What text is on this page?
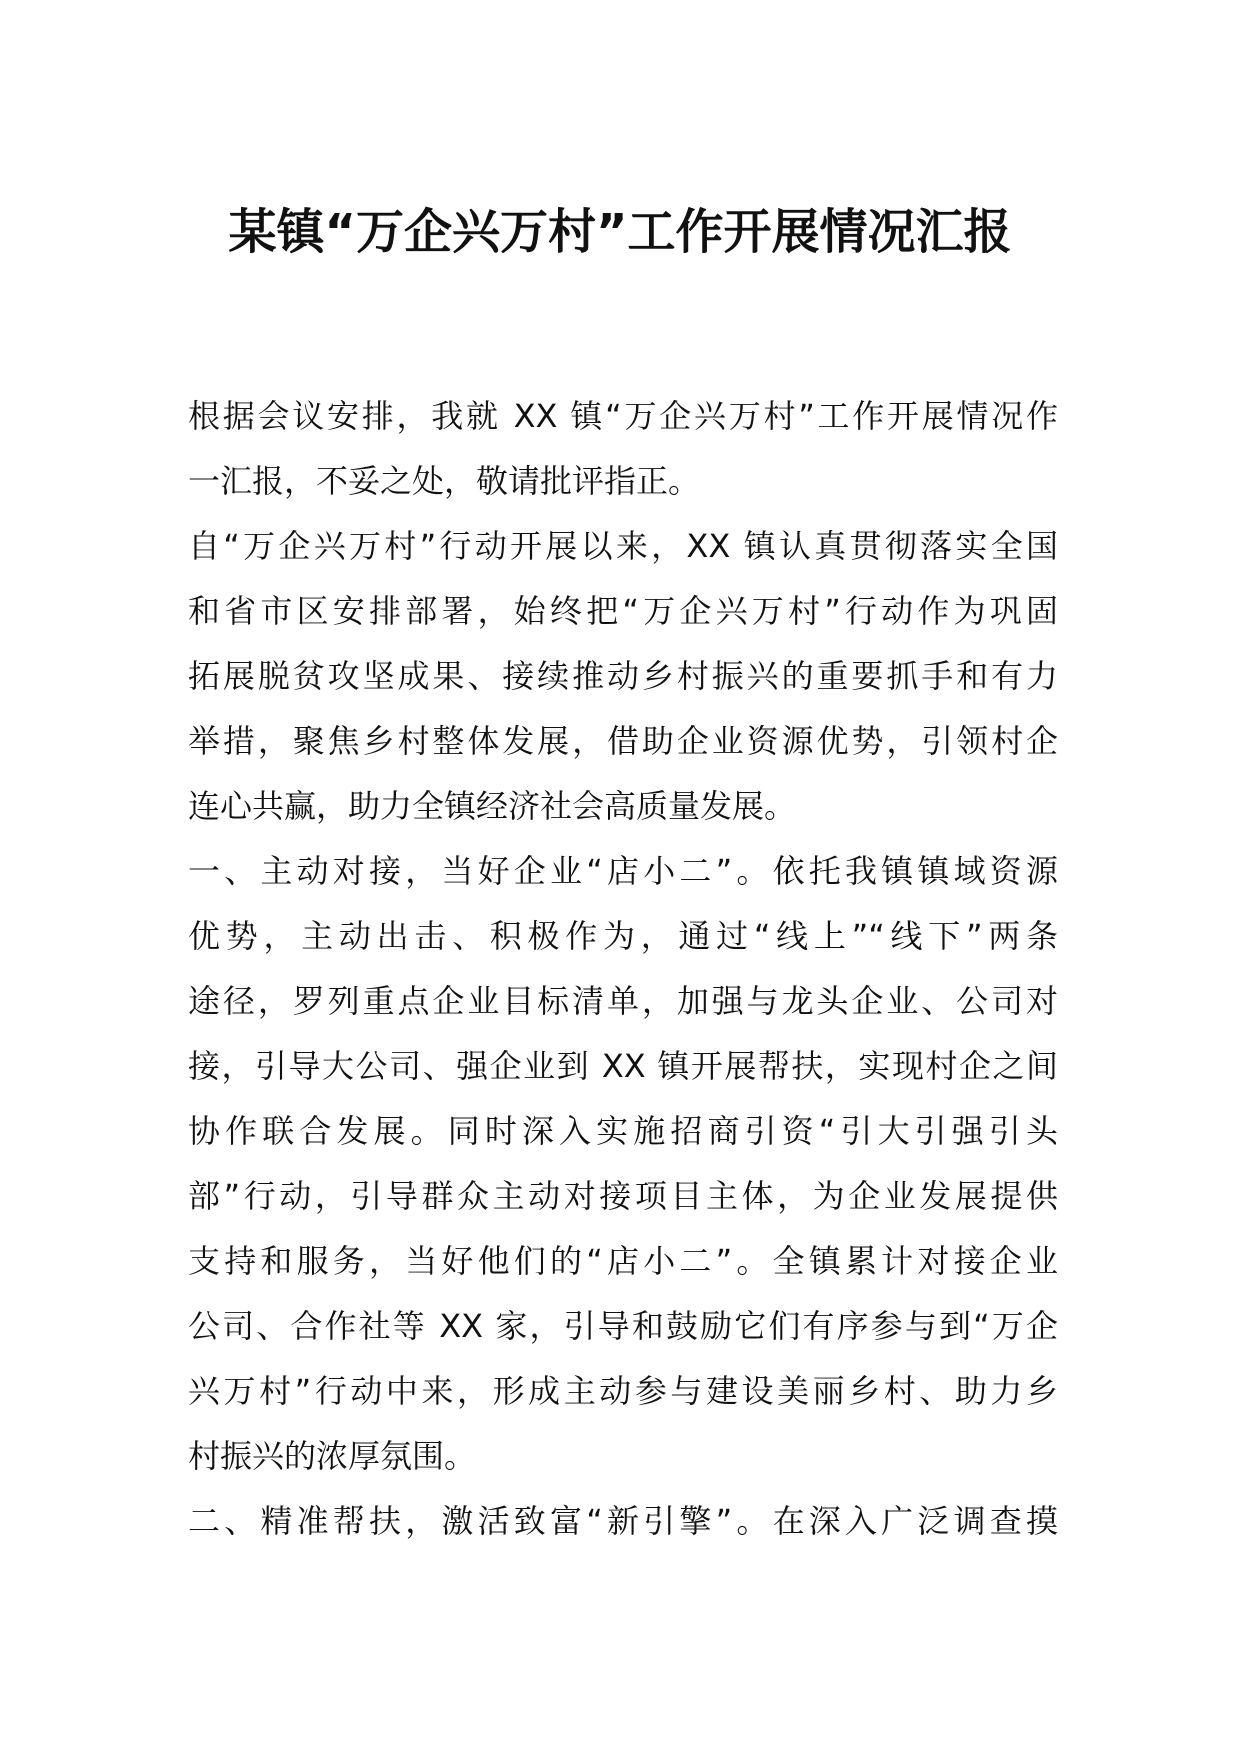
某镇“万企兴万村”工作开展情况汇报
根据会议安排，我就 XX 镇“万企兴万村”工作开展情况作
一汇报，不妥之处，敬请批评指正。
自“万企兴万村”行动开展以来，XX 镇认真贯彻落实全国
和省市区安排部署，始终把“万企兴万村”行动作为巩固
拓展脱贫攻坚成果、接续推动乡村振兴的重要抓手和有力
举措，聚焦乡村整体发展，借助企业资源优势，引领村企
连心共赢，助力全镇经济社会高质量发展。
一、主动对接，当好企业“店小二”。依托我镇镇域资源
优势，主动出击、积极作为，通过“线上”“线下”两条
途径，罗列重点企业目标清单，加强与龙头企业、公司对
接，引导大公司、强企业到 XX 镇开展帮扶，实现村企之间
协作联合发展。同时深入实施招商引资“引大引强引头
部”行动，引导群众主动对接项目主体，为企业发展提供
支持和服务，当好他们的“店小二”。全镇累计对接企业
公司、合作社等 XX 家，引导和鼓励它们有序参与到“万企
兴万村”行动中来，形成主动参与建设美丽乡村、助力乡
村振兴的浓厚氛围。
二、精准帮扶，激活致富“新引擎”。在深入广泛调查摸
